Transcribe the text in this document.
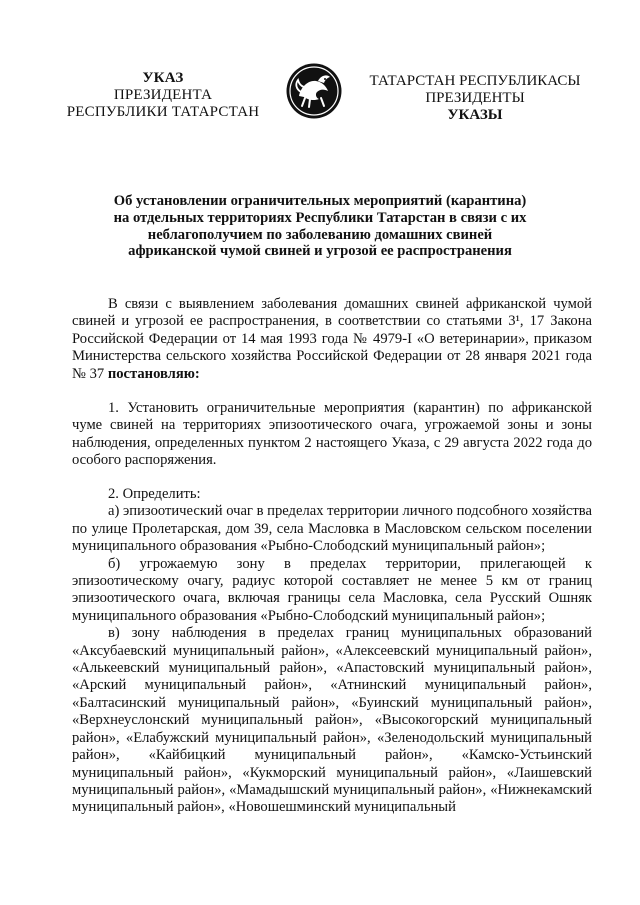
УКАЗ
ПРЕЗИДЕНТА
РЕСПУБЛИКИ ТАТАРСТАН
ТАТАРСТАН РЕСПУБЛИКАСЫ
ПРЕЗИДЕНТЫ
УКАЗЫ
Об установлении ограничительных мероприятий (карантина)
на отдельных территориях Республики Татарстан в связи с их
неблагополучием по заболеванию домашних свиней
африканской чумой свиней и угрозой ее распространения

В связи с выявлением заболевания домашних свиней африканской чумой свиней и угрозой ее распространения, в соответствии со статьями 3¹, 17 Закона Российской Федерации от 14 мая 1993 года № 4979-I «О ветеринарии», приказом Министерства сельского хозяйства Российской Федерации от 28 января 2021 года № 37 постановляю:

1. Установить ограничительные мероприятия (карантин) по африканской чуме свиней на территориях эпизоотического очага, угрожаемой зоны и зоны наблюдения, определенных пунктом 2 настоящего Указа, с 29 августа 2022 года до особого распоряжения.

2. Определить:

а) эпизоотический очаг в пределах территории личного подсобного хозяйства по улице Пролетарская, дом 39, села Масловка в Масловском сельском поселении муниципального образования «Рыбно-Слободский муниципальный район»;

б) угрожаемую зону в пределах территории, прилегающей к эпизоотическому очагу, радиус которой составляет не менее 5 км от границ эпизоотического очага, включая границы села Масловка, села Русский Ошняк муниципального образования «Рыбно-Слободский муниципальный район»;

в) зону наблюдения в пределах границ муниципальных образований «Аксубаевский муниципальный район», «Алексеевский муниципальный район», «Алькеевский муниципальный район», «Апастовский муниципальный район», «Арский муниципальный район», «Атнинский муниципальный район», «Балтасинский муниципальный район», «Буинский муниципальный район», «Верхнеуслонский муниципальный район», «Высокогорский муниципальный район», «Елабужский муниципальный район», «Зеленодольский муниципальный район», «Кайбицкий муниципальный район», «Камско-Устьинский муниципальный район», «Кукморский муниципальный район», «Лаишевский муниципальный район», «Мамадышский муниципальный район», «Нижнекамский муниципальный район», «Новошешминский муниципальный
